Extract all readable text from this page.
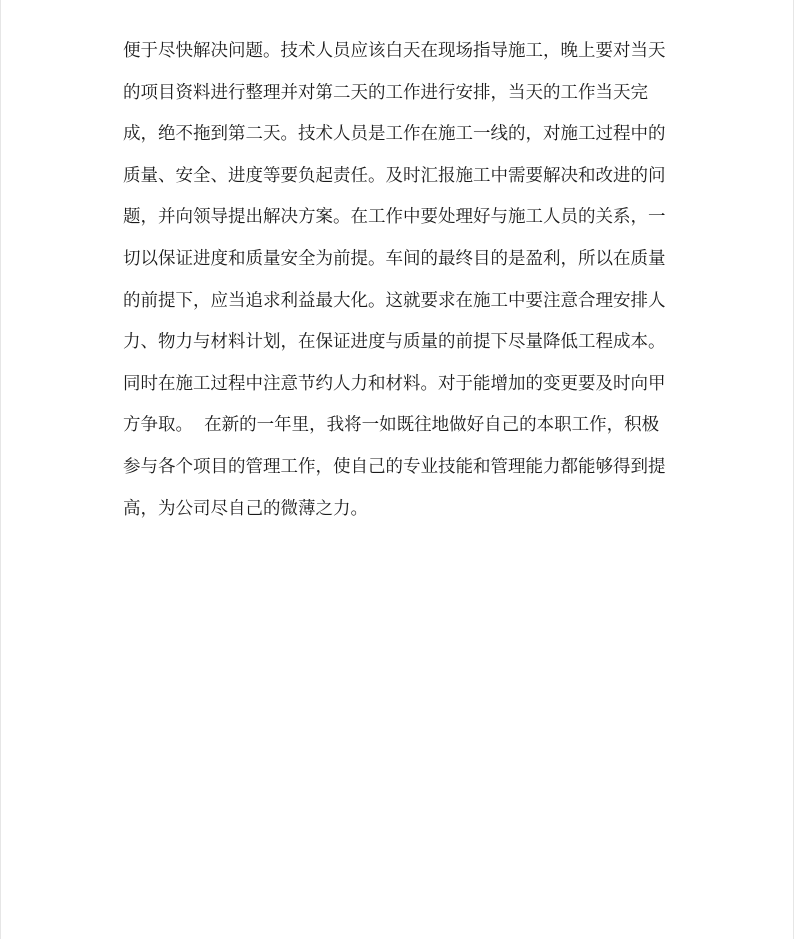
便于尽快解决问题。技术人员应该白天在现场指导施工，晚上要对当天
的项目资料进行整理并对第二天的工作进行安排，当天的工作当天完
成，绝不拖到第二天。技术人员是工作在施工一线的，对施工过程中的
质量、安全、进度等要负起责任。及时汇报施工中需要解决和改进的问
题，并向领导提出解决方案。在工作中要处理好与施工人员的关系，一
切以保证进度和质量安全为前提。车间的最终目的是盈利，所以在质量
的前提下，应当追求利益最大化。这就要求在施工中要注意合理安排人
力、物力与材料计划，在保证进度与质量的前提下尽量降低工程成本。
同时在施工过程中注意节约人力和材料。对于能增加的变更要及时向甲
方争取。  在新的一年里，我将一如既往地做好自己的本职工作，积极
参与各个项目的管理工作，使自己的专业技能和管理能力都能够得到提
高，为公司尽自己的微薄之力。
